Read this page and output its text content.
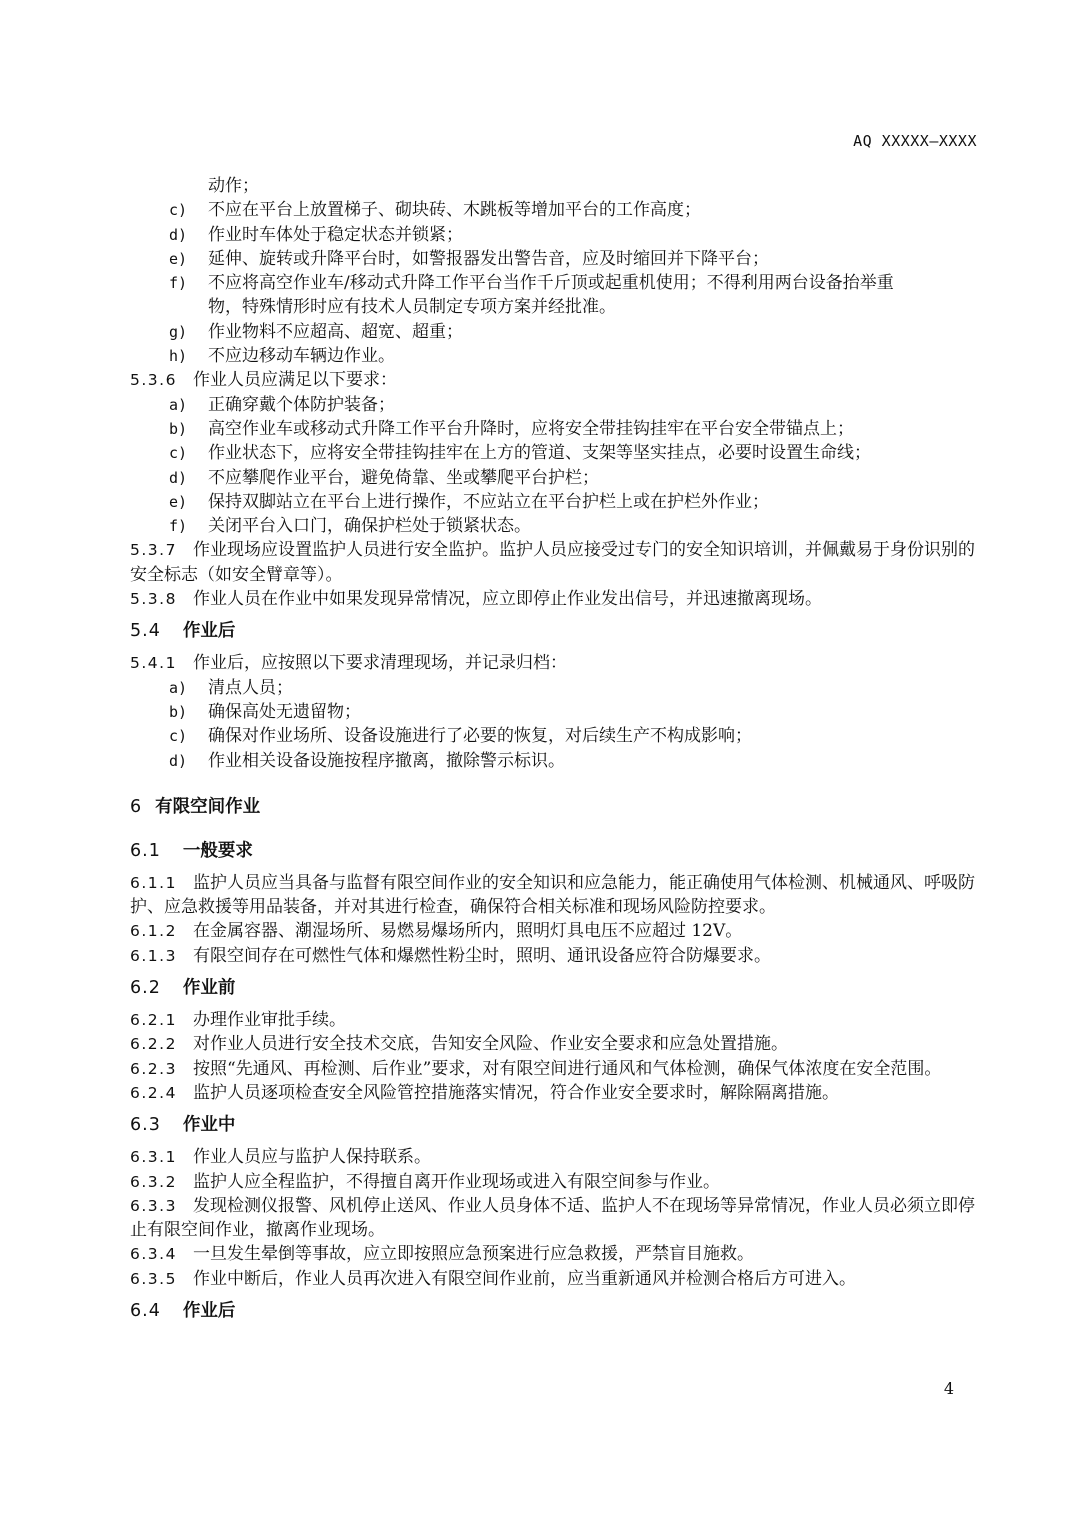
AQ XXXXX—XXXX
动作；
c) 不应在平台上放置梯子、砌块砖、木跳板等增加平台的工作高度；
d) 作业时车体处于稳定状态并锁紧；
e) 延伸、旋转或升降平台时，如警报器发出警告音，应及时缩回并下降平台；
f) 不应将高空作业车/移动式升降工作平台当作千斤顶或起重机使用；不得利用两台设备抬举重
物，特殊情形时应有技术人员制定专项方案并经批准。
g) 作业物料不应超高、超宽、超重；
h) 不应边移动车辆边作业。
5.3.6 作业人员应满足以下要求：
a) 正确穿戴个体防护装备；
b) 高空作业车或移动式升降工作平台升降时，应将安全带挂钩挂牢在平台安全带锚点上；
c) 作业状态下，应将安全带挂钩挂牢在上方的管道、支架等坚实挂点，必要时设置生命线；
d) 不应攀爬作业平台，避免倚靠、坐或攀爬平台护栏；
e) 保持双脚站立在平台上进行操作，不应站立在平台护栏上或在护栏外作业；
f) 关闭平台入口门，确保护栏处于锁紧状态。
5.3.7 作业现场应设置监护人员进行安全监护。监护人员应接受过专门的安全知识培训，并佩戴易于身份识别的安全标志（如安全臂章等）。
5.3.8 作业人员在作业中如果发现异常情况，应立即停止作业发出信号，并迅速撤离现场。
5.4 作业后
5.4.1 作业后，应按照以下要求清理现场，并记录归档：
a) 清点人员；
b) 确保高处无遗留物；
c) 确保对作业场所、设备设施进行了必要的恢复，对后续生产不构成影响；
d) 作业相关设备设施按程序撤离，撤除警示标识。
6 有限空间作业
6.1 一般要求
6.1.1 监护人员应当具备与监督有限空间作业的安全知识和应急能力，能正确使用气体检测、机械通风、呼吸防护、应急救援等用品装备，并对其进行检查，确保符合相关标准和现场风险防控要求。
6.1.2 在金属容器、潮湿场所、易燃易爆场所内，照明灯具电压不应超过 12V。
6.1.3 有限空间存在可燃性气体和爆燃性粉尘时，照明、通讯设备应符合防爆要求。
6.2 作业前
6.2.1 办理作业审批手续。
6.2.2 对作业人员进行安全技术交底，告知安全风险、作业安全要求和应急处置措施。
6.2.3 按照“先通风、再检测、后作业”要求，对有限空间进行通风和气体检测，确保气体浓度在安全范围。
6.2.4 监护人员逐项检查安全风险管控措施落实情况，符合作业安全要求时，解除隔离措施。
6.3 作业中
6.3.1 作业人员应与监护人保持联系。
6.3.2 监护人应全程监护，不得擅自离开作业现场或进入有限空间参与作业。
6.3.3 发现检测仪报警、风机停止送风、作业人员身体不适、监护人不在现场等异常情况，作业人员必须立即停止有限空间作业，撤离作业现场。
6.3.4 一旦发生晕倒等事故，应立即按照应急预案进行应急救援，严禁盲目施救。
6.3.5 作业中断后，作业人员再次进入有限空间作业前，应当重新通风并检测合格后方可进入。
6.4 作业后
4
